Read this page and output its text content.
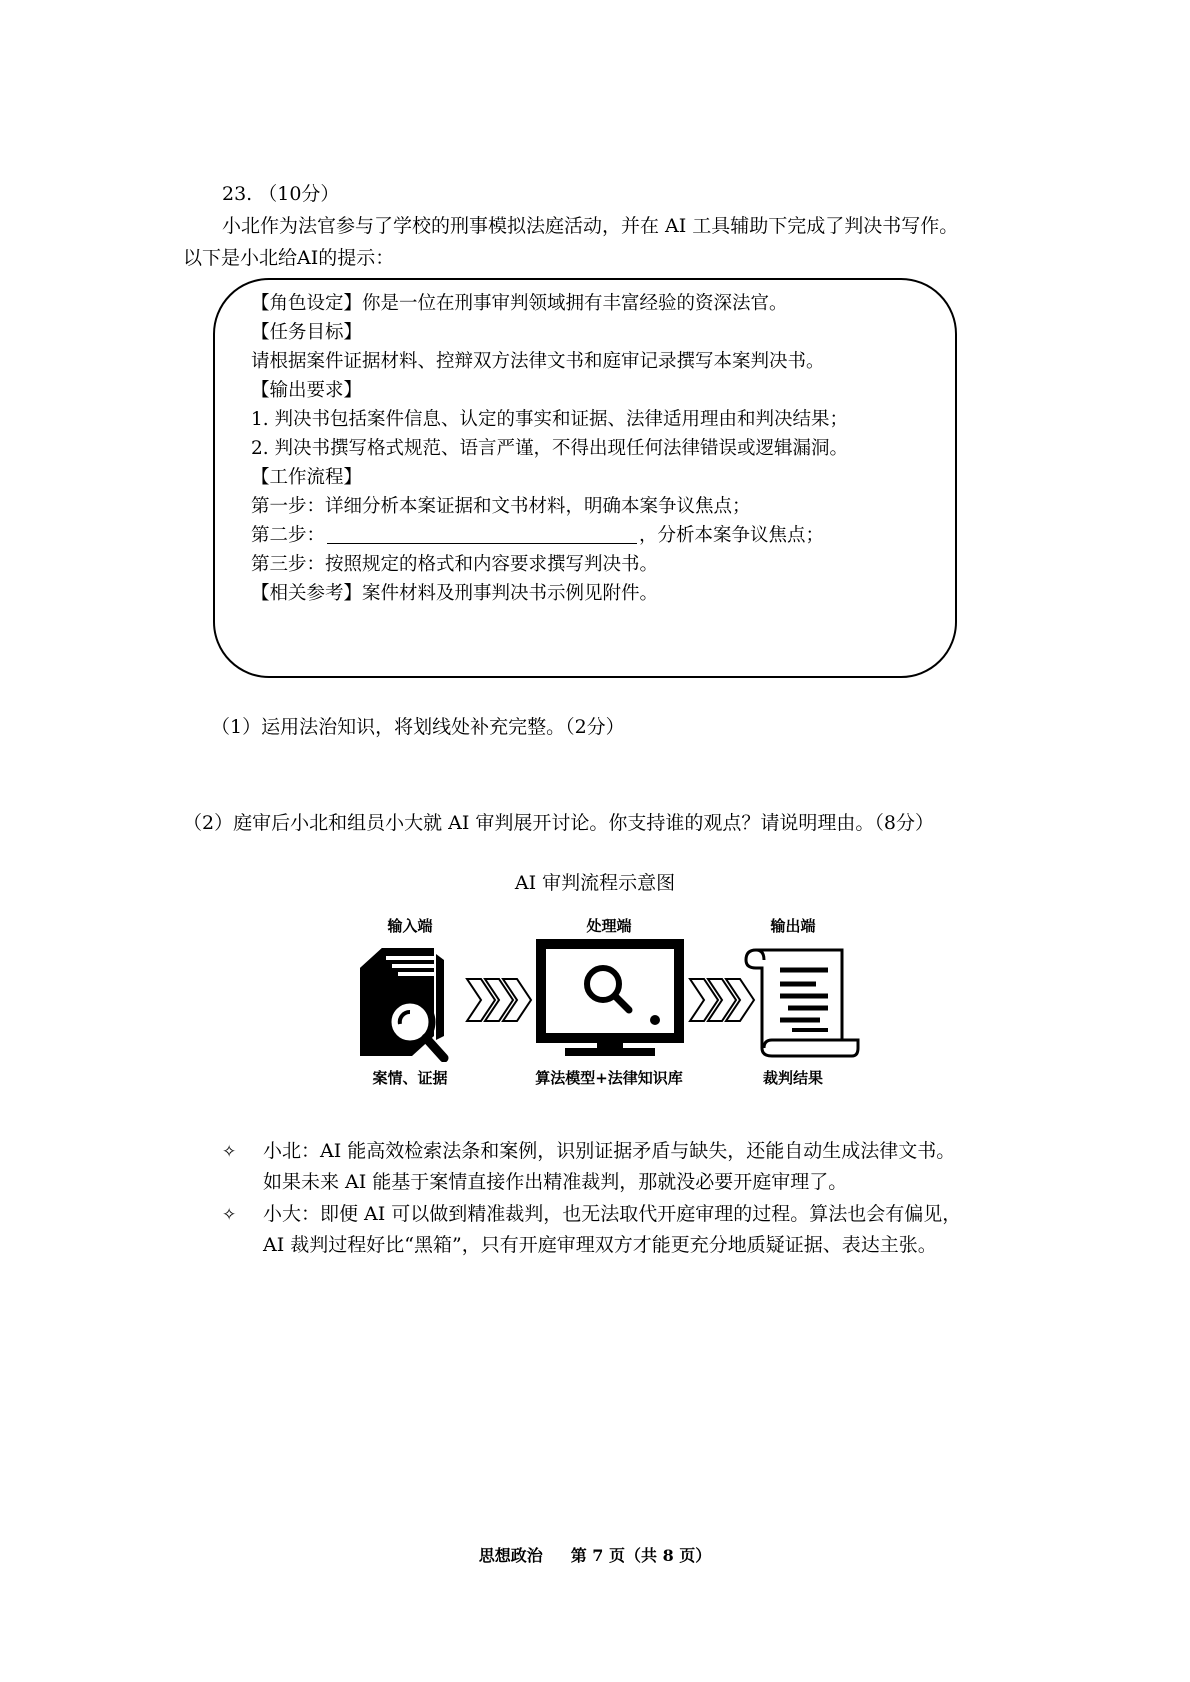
23. （10分）
小北作为法官参与了学校的刑事模拟法庭活动，并在 AI 工具辅助下完成了判决书写作。
以下是小北给AI的提示：
【角色设定】你是一位在刑事审判领域拥有丰富经验的资深法官。
【任务目标】
请根据案件证据材料、控辩双方法律文书和庭审记录撰写本案判决书。
【输出要求】
1. 判决书包括案件信息、认定的事实和证据、法律适用理由和判决结果；
2. 判决书撰写格式规范、语言严谨，不得出现任何法律错误或逻辑漏洞。
【工作流程】
第一步：详细分析本案证据和文书材料，明确本案争议焦点；
第二步：	，分析本案争议焦点；
第三步：按照规定的格式和内容要求撰写判决书。
【相关参考】案件材料及刑事判决书示例见附件。
（1）运用法治知识，将划线处补充完整。（2分）
（2）庭审后小北和组员小大就 AI 审判展开讨论。你支持谁的观点？请说明理由。（8分）
AI 审判流程示意图
输入端	处理端	输出端
案情、证据	算法模型+法律知识库	裁判结果
✧ 小北：AI 能高效检索法条和案例，识别证据矛盾与缺失，还能自动生成法律文书。
如果未来 AI 能基于案情直接作出精准裁判，那就没必要开庭审理了。
✧ 小大：即便 AI 可以做到精准裁判，也无法取代开庭审理的过程。算法也会有偏见，
AI 裁判过程好比“黑箱”，只有开庭审理双方才能更充分地质疑证据、表达主张。
思想政治 第 7 页（共 8 页）
